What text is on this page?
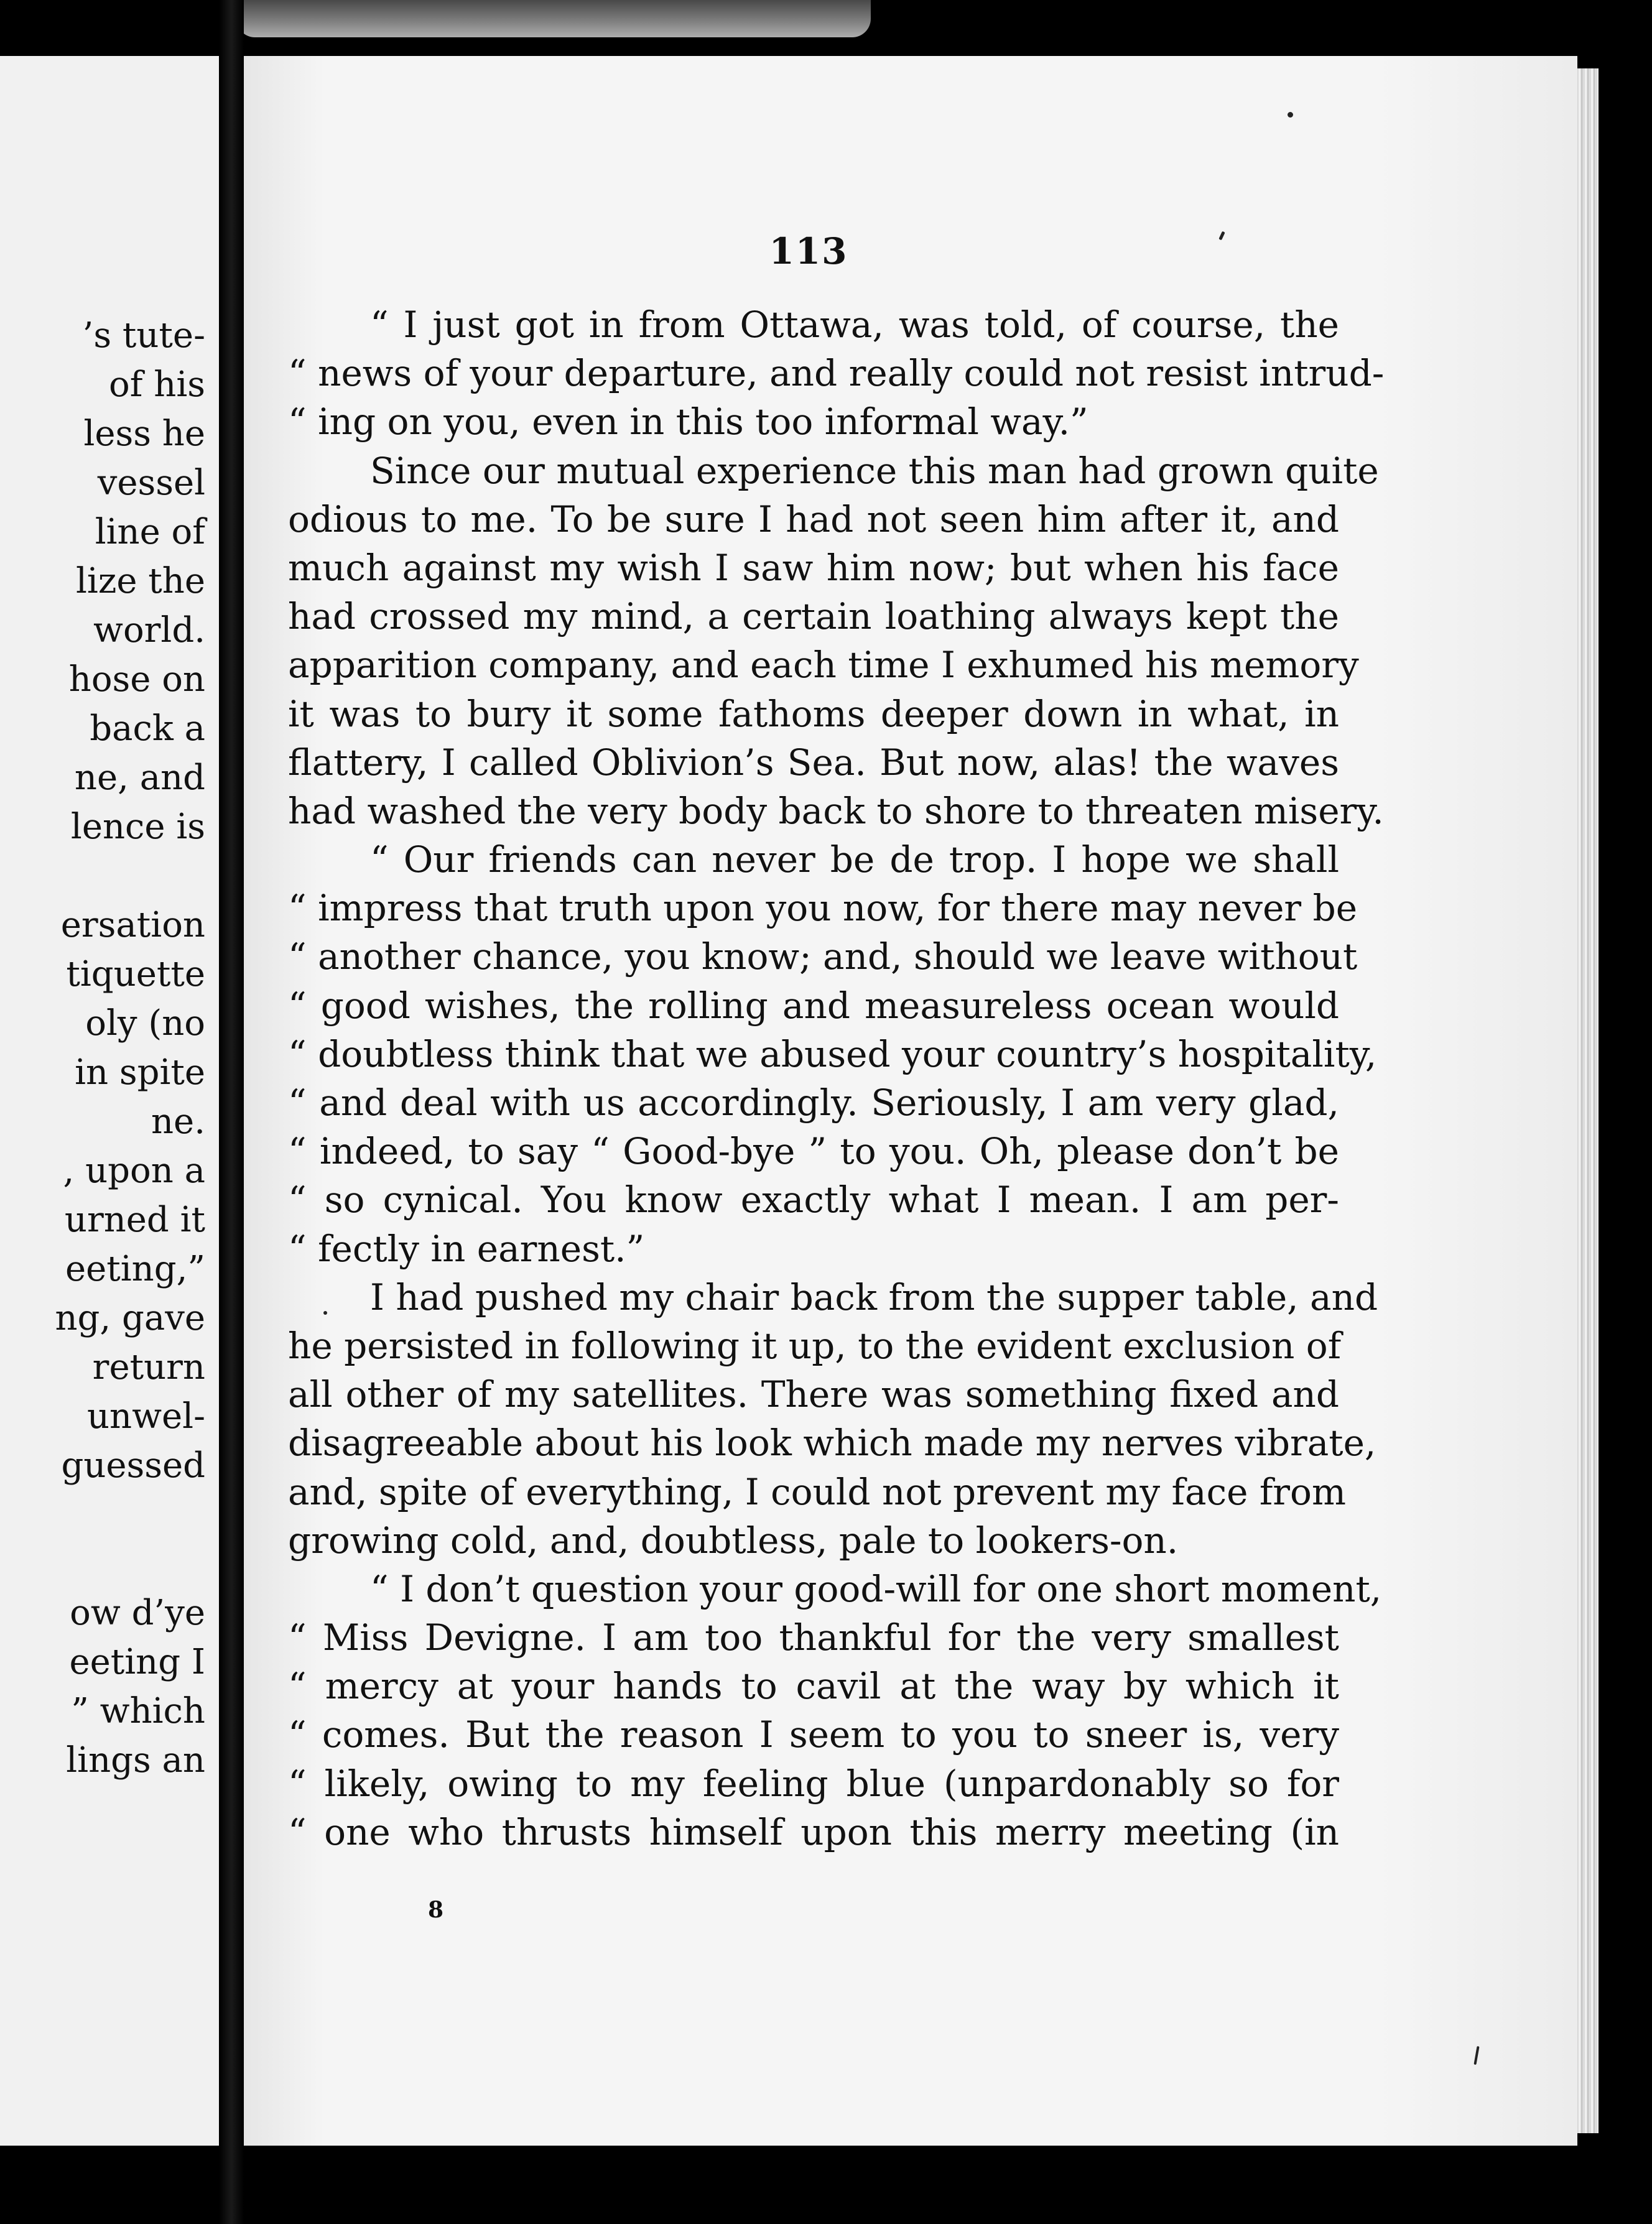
’s tute-
of his
less he
vessel
line of
lize the
world.
hose on
back a
ne, and
lence is
ersation
tiquette
oly (no
in spite
ne.
, upon a
urned it
eeting,”
ng, gave
return
unwel-
guessed
ow d’ye
eeting I
” which
lings an
113

“ I just got in from Ottawa, was told, of course, the
“ news of your departure, and really could not resist intrud-
“ ing on you, even in this too informal way.”

Since our mutual experience this man had grown quite
odious to me. To be sure I had not seen him after it, and
much against my wish I saw him now; but when his face
had crossed my mind, a certain loathing always kept the
apparition company, and each time I exhumed his memory
it was to bury it some fathoms deeper down in what, in
flattery, I called Oblivion’s Sea. But now, alas! the waves
had washed the very body back to shore to threaten misery.

“ Our friends can never be de trop. I hope we shall
“ impress that truth upon you now, for there may never be
“ another chance, you know; and, should we leave without
“ good wishes, the rolling and measureless ocean would
“ doubtless think that we abused your country’s hospitality,
“ and deal with us accordingly. Seriously, I am very glad,
“ indeed, to say “ Good-bye ” to you. Oh, please don’t be
“ so cynical. You know exactly what I mean. I am per-
“ fectly in earnest.”

I had pushed my chair back from the supper table, and
he persisted in following it up, to the evident exclusion of
all other of my satellites. There was something fixed and
disagreeable about his look which made my nerves vibrate,
and, spite of everything, I could not prevent my face from
growing cold, and, doubtless, pale to lookers-on.

“ I don’t question your good-will for one short moment,
“ Miss Devigne. I am too thankful for the very smallest
“ mercy at your hands to cavil at the way by which it
“ comes. But the reason I seem to you to sneer is, very
“ likely, owing to my feeling blue (unpardonably so for
“ one who thrusts himself upon this merry meeting (in

8
